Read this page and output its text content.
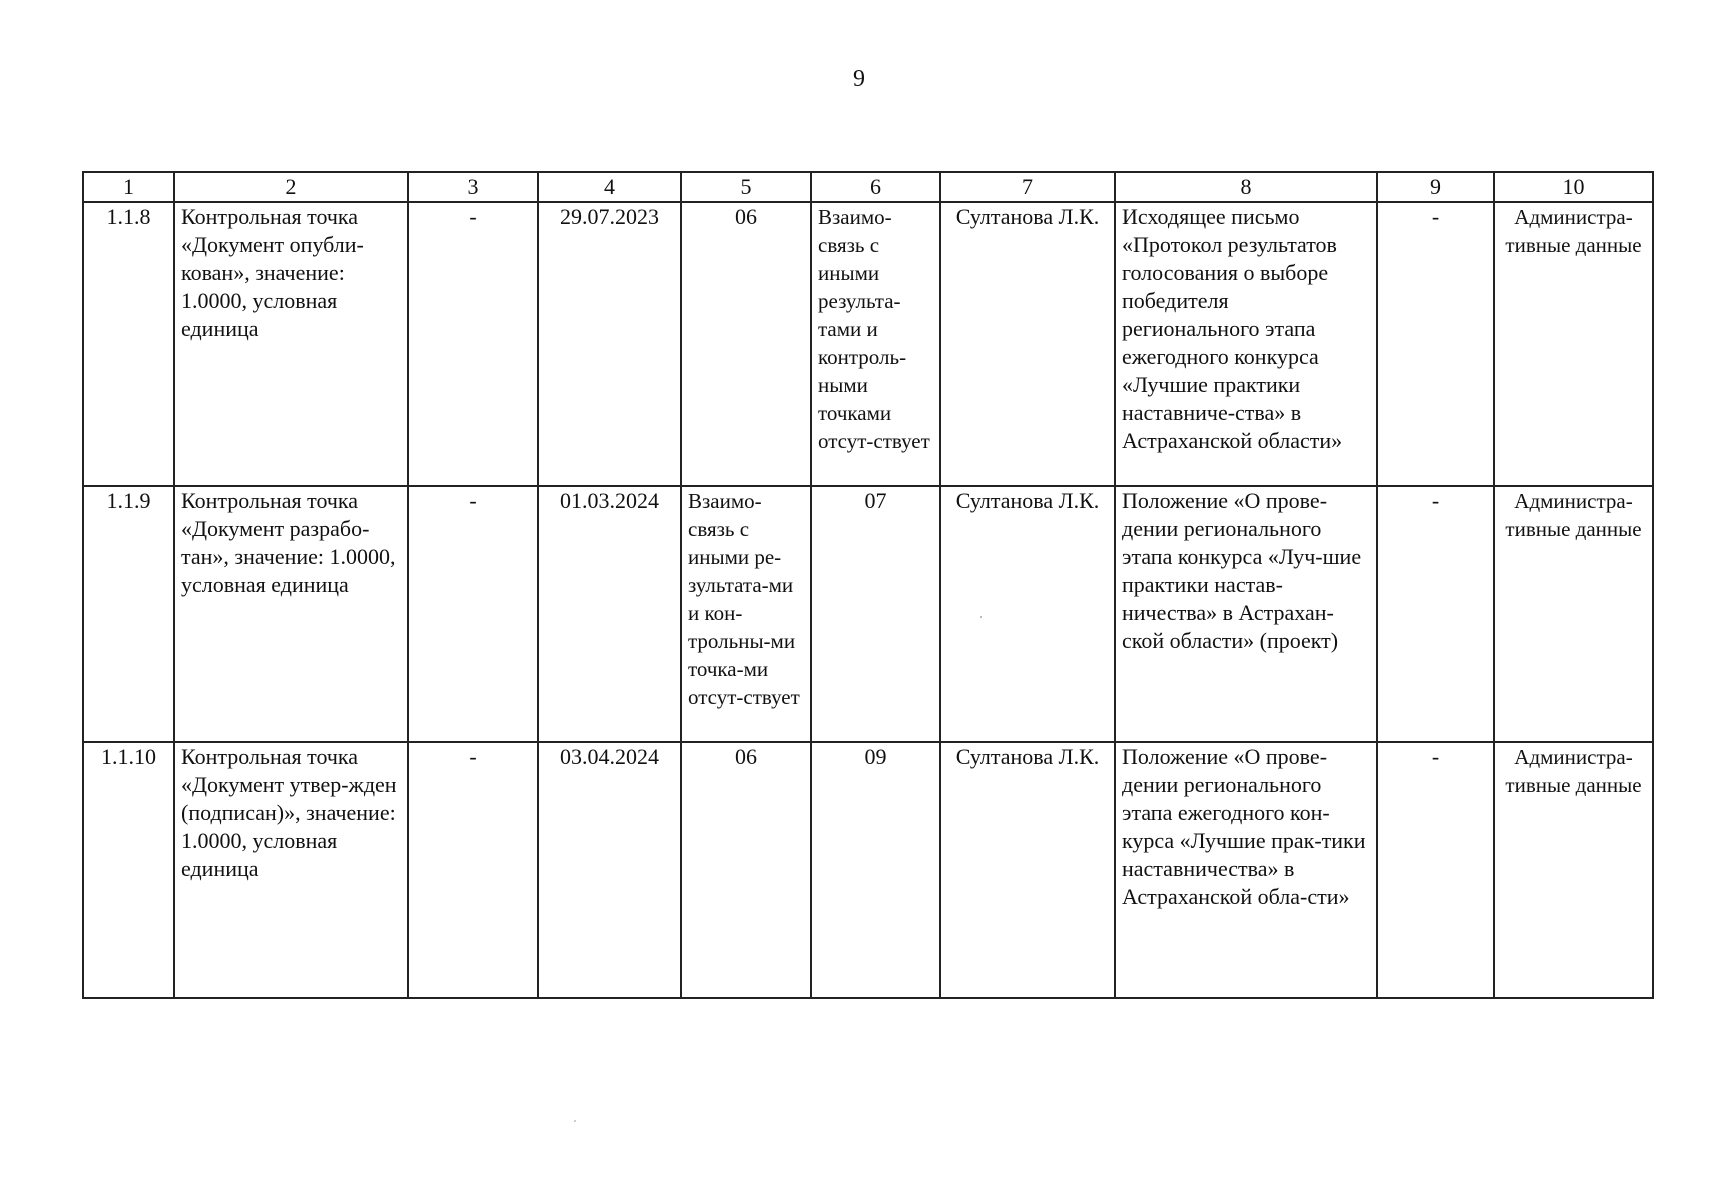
9
1	2	3	4	5	6	7	8	9	10
1.1.8	Контрольная точка «Документ опубли-кован», значение: 1.0000, условная единица	-	29.07.2023	06	Взаимо-связь с иными результа-тами и контроль-ными точками отсут-ствует	Султанова Л.К.	Исходящее письмо «Протокол результатов голосования о выборе победителя регионального этапа ежегодного конкурса «Лучшие практики наставниче-ства» в Астраханской области»	-	Администра-тивные данные
1.1.9	Контрольная точка «Документ разрабо-тан», значение: 1.0000, условная единица	-	01.03.2024	Взаимо-связь с иными ре-зультата-ми и кон-трольны-ми точка-ми отсут-ствует	07	Султанова Л.К.	Положение «О прове-дении регионального этапа конкурса «Луч-шие практики настав-ничества» в Астрахан-ской области» (проект)	-	Администра-тивные данные
1.1.10	Контрольная точка «Документ утвер-жден (подписан)», значение: 1.0000, условная единица	-	03.04.2024	06	09	Султанова Л.К.	Положение «О прове-дении регионального этапа ежегодного кон-курса «Лучшие прак-тики наставничества» в Астраханской обла-сти»	-	Администра-тивные данные
